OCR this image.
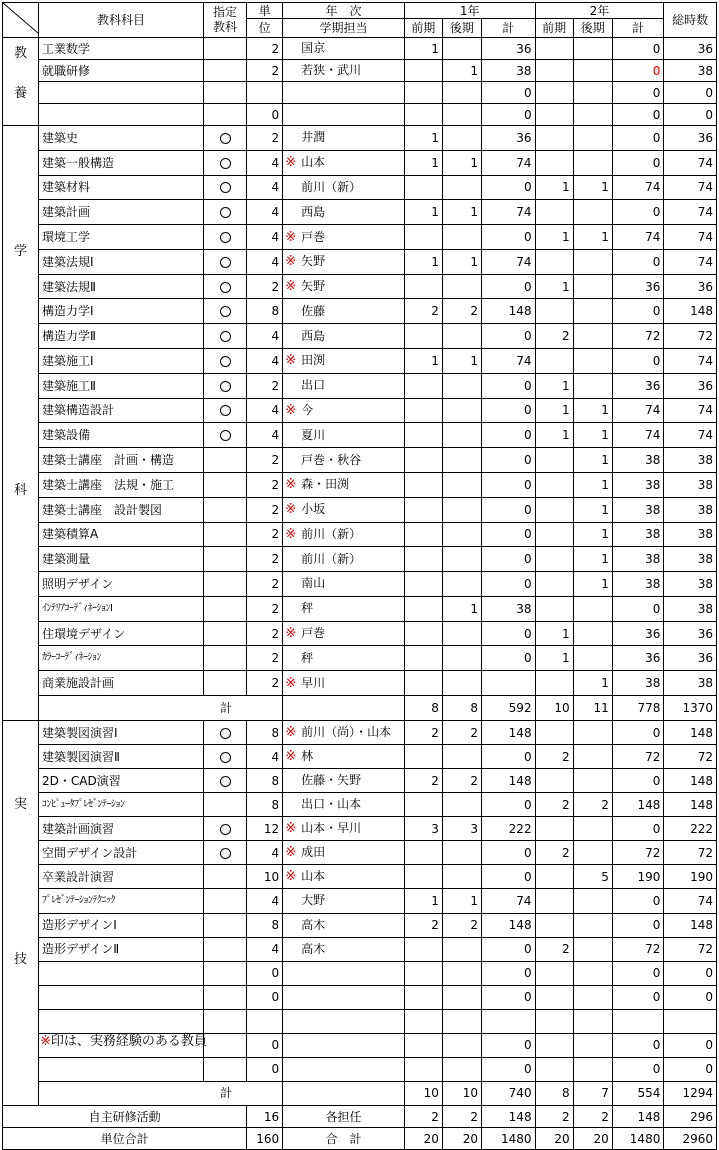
	教科科目	指定
教科	単	年　次	1年			2年			総時数
			位	学期担当	前期	後期	計	前期	後期	計	

教
養	工業数学		2	国京	1		36			0	36
	就職研修		2	若狭・武川		1	38			0	38
							0			0	0
			0				0			0	0

学
科	建築史		2	井潤	1		36			0	36
	建築一般構造		4	※ 山本	1	1	74			0	74
	建築材料		4	前川（新）			0	1	1	74	74
	建築計画		4	西島	1	1	74			0	74
	環境工学		4	※ 戸巻			0	1	1	74	74
	建築法規Ⅰ		4	※ 矢野	1	1	74			0	74
	建築法規Ⅱ		2	※ 矢野			0	1		36	36
	構造力学Ⅰ		8	佐藤	2	2	148			0	148
	構造力学Ⅱ		4	西島			0	2		72	72
	建築施工Ⅰ		4	※ 田渕	1	1	74			0	74
	建築施工Ⅱ		2	出口			0	1		36	36
	建築構造設計		4	※ 今			0	1	1	74	74
	建築設備		4	夏川			0	1	1	74	74
	建築士講座　計画・構造		2	戸巻・秋谷			0		1	38	38
	建築士講座　法規・施工		2	※ 森・田渕			0		1	38	38
	建築士講座　設計製図		2	※ 小坂			0		1	38	38
	建築積算A		2	※ 前川（新）			0		1	38	38
	建築測量		2	前川（新）			0		1	38	38
	照明デザイン		2	南山			0		1	38	38
	ｲﾝﾃﾘｱｺｰﾃﾞｨﾈｰｼｮﾝⅠ		2	秤		1	38			0	38
	住環境デザイン		2	※ 戸巻			0	1		36	36
	ｶﾗｰｺｰﾃﾞｨﾈｰｼｮﾝ		2	秤			0	1		36	36
	商業施設計画		2	※ 早川					1	38	38
	計				8	8	592	10	11	778	1370

実
技	建築製図演習Ⅰ		8	※ 前川（尚）・山本	2	2	148			0	148
	建築製図演習Ⅱ		4	※ 林			0	2		72	72
	2D・CAD演習		8	佐藤・矢野	2	2	148			0	148
	ｺﾝﾋﾟｭｰﾀﾌﾟﾚｾﾞﾝﾃｰｼｮﾝ		8	出口・山本			0	2	2	148	148
	建築計画演習		12	※ 山本・早川	3	3	222			0	222
	空間デザイン設計		4	※ 成田			0	2		72	72
	卒業設計演習		10	※ 山本			0		5	190	190
	ﾌﾟﾚｾﾞﾝﾃｰｼｮﾝﾃｸﾆｯｸ		4	大野	1	1	74			0	74
	造形デザインⅠ		8	高木	2	2	148			0	148
	造形デザインⅡ		4	高木			0	2		72	72
			0				0			0	0
			0				0			0	0

			0				0			0	0
			0				0			0	0
	計				10	10	740	8	7	554	1294
自主研修活動			16	各担任	2	2	148	2	2	148	296
単位合計			160	合　計	20	20	1480	20	20	1480	2960
※印は、実務経験のある教員
